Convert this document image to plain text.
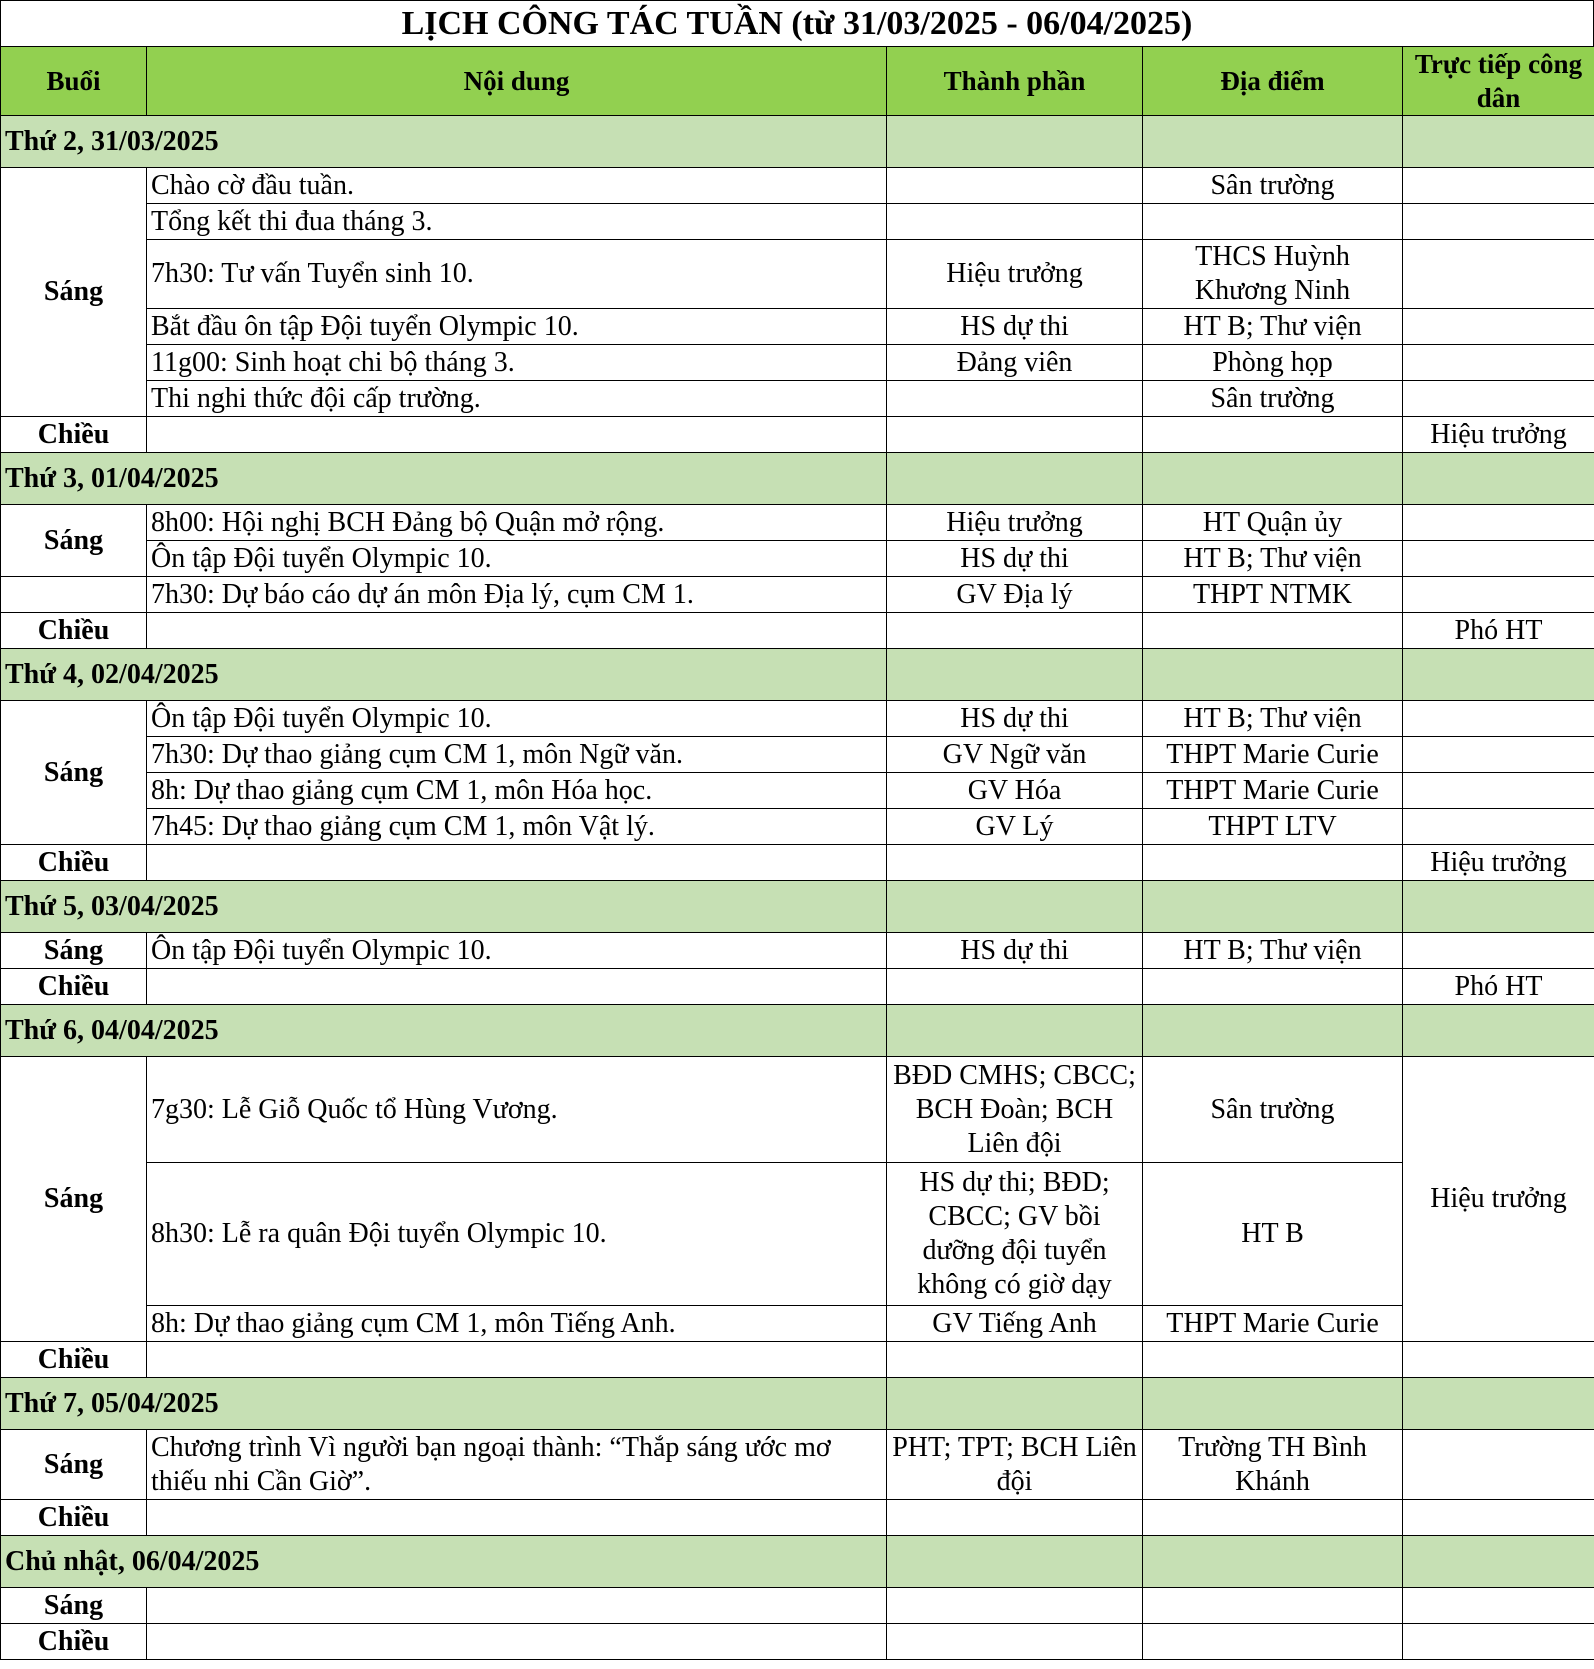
LỊCH CÔNG TÁC TUẦN (từ 31/03/2025 - 06/04/2025)
Buổi	Nội dung	Thành phần	Địa điểm	Trực tiếp công dân
Thứ 2, 31/03/2025				
Sáng	Chào cờ đầu tuần.		Sân trường	
	Tổng kết thi đua tháng 3.			
	7h30: Tư vấn Tuyển sinh 10.	Hiệu trưởng	THCS Huỳnh Khương Ninh	
	Bắt đầu ôn tập Đội tuyển Olympic 10.	HS dự thi	HT B; Thư viện	
	11g00: Sinh hoạt chi bộ tháng 3.	Đảng viên	Phòng họp	
	Thi nghi thức đội cấp trường.		Sân trường	
Chiều				Hiệu trưởng
Thứ 3, 01/04/2025				
Sáng	8h00: Hội nghị BCH Đảng bộ Quận mở rộng.	Hiệu trưởng	HT Quận ủy	
	Ôn tập Đội tuyển Olympic 10.	HS dự thi	HT B; Thư viện	
	7h30: Dự báo cáo dự án môn Địa lý, cụm CM 1.	GV Địa lý	THPT NTMK	
Chiều				Phó HT
Thứ 4, 02/04/2025				
Sáng	Ôn tập Đội tuyển Olympic 10.	HS dự thi	HT B; Thư viện	
	7h30: Dự thao giảng cụm CM 1, môn Ngữ văn.	GV Ngữ văn	THPT Marie Curie	
	8h: Dự thao giảng cụm CM 1, môn Hóa học.	GV Hóa	THPT Marie Curie	
	7h45: Dự thao giảng cụm CM 1, môn Vật lý.	GV Lý	THPT LTV	
Chiều				Hiệu trưởng
Thứ 5, 03/04/2025				
Sáng	Ôn tập Đội tuyển Olympic 10.	HS dự thi	HT B; Thư viện	
Chiều				Phó HT
Thứ 6, 04/04/2025				
Sáng	7g30: Lễ Giỗ Quốc tổ Hùng Vương.	BĐD CMHS; CBCC; BCH Đoàn; BCH Liên đội	Sân trường	Hiệu trưởng
	8h30: Lễ ra quân Đội tuyển Olympic 10.	HS dự thi; BĐD; CBCC; GV bồi dưỡng đội tuyển không có giờ dạy	HT B	
	8h: Dự thao giảng cụm CM 1, môn Tiếng Anh.	GV Tiếng Anh	THPT Marie Curie	
Chiều				
Thứ 7, 05/04/2025				
Sáng	Chương trình Vì người bạn ngoại thành: “Thắp sáng ước mơ thiếu nhi Cần Giờ”.	PHT; TPT; BCH Liên đội	Trường TH Bình Khánh	
Chiều				
Chủ nhật, 06/04/2025				
Sáng				
Chiều				
